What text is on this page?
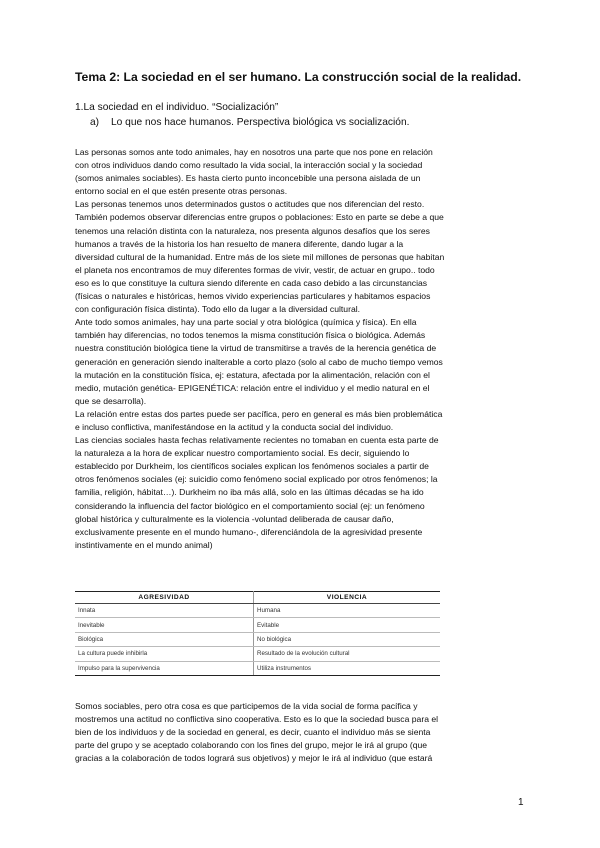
Tema 2: La sociedad en el ser humano. La construcción social de la realidad.
1.La sociedad en el individuo. “Socialización”
a) Lo que nos hace humanos. Perspectiva biológica vs socialización.
Las personas somos ante todo animales, hay en nosotros una parte que nos pone en relación
con otros individuos dando como resultado la vida social, la interacción social y la sociedad
(somos animales sociables). Es hasta cierto punto inconcebible una persona aislada de un
entorno social en el que estén presente otras personas.
Las personas tenemos unos determinados gustos o actitudes que nos diferencian del resto.
También podemos observar diferencias entre grupos o poblaciones: Esto en parte se debe a que
tenemos una relación distinta con la naturaleza, nos presenta algunos desafíos que los seres
humanos a través de la historia los han resuelto de manera diferente, dando lugar a la
diversidad cultural de la humanidad. Entre más de los siete mil millones de personas que habitan
el planeta nos encontramos de muy diferentes formas de vivir, vestir, de actuar en grupo.. todo
eso es lo que constituye la cultura siendo diferente en cada caso debido a las circunstancias
(físicas o naturales e históricas, hemos vivido experiencias particulares y habitamos espacios
con configuración física distinta). Todo ello da lugar a la diversidad cultural.
Ante todo somos animales, hay una parte social y otra biológica (química y física). En ella
también hay diferencias, no todos tenemos la misma constitución física o biológica. Además
nuestra constitución biológica tiene la virtud de transmitirse a través de la herencia genética de
generación en generación siendo inalterable a corto plazo (solo al cabo de mucho tiempo vemos
la mutación en la constitución física, ej: estatura, afectada por la alimentación, relación con el
medio, mutación genética- EPIGENÉTICA: relación entre el individuo y el medio natural en el
que se desarrolla).
La relación entre estas dos partes puede ser pacífica, pero en general es más bien problemática
e incluso conflictiva, manifestándose en la actitud y la conducta social del individuo.
Las ciencias sociales hasta fechas relativamente recientes no tomaban en cuenta esta parte de
la naturaleza a la hora de explicar nuestro comportamiento social. Es decir, siguiendo lo
establecido por Durkheim, los científicos sociales explican los fenómenos sociales a partir de
otros fenómenos sociales (ej: suicidio como fenómeno social explicado por otros fenómenos; la
familia, religión, hábitat…). Durkheim no iba más allá, solo en las últimas décadas se ha ido
considerando la influencia del factor biológico en el comportamiento social (ej: un fenómeno
global histórica y culturalmente es la violencia -voluntad deliberada de causar daño,
exclusivamente presente en el mundo humano-, diferenciándola de la agresividad presente
instintivamente en el mundo animal)
AGRESIVIDAD	VIOLENCIA
Innata	Humana
Inevitable	Evitable
Biológica	No biológica
La cultura puede inhibirla	Resultado de la evolución cultural
Impulso para la supervivencia	Utiliza instrumentos
Somos sociables, pero otra cosa es que participemos de la vida social de forma pacífica y
mostremos una actitud no conflictiva sino cooperativa. Esto es lo que la sociedad busca para el
bien de los individuos y de la sociedad en general, es decir, cuanto el individuo más se sienta
parte del grupo y se aceptado colaborando con los fines del grupo, mejor le irá al grupo (que
gracias a la colaboración de todos logrará sus objetivos) y mejor le irá al individuo (que estará
1
